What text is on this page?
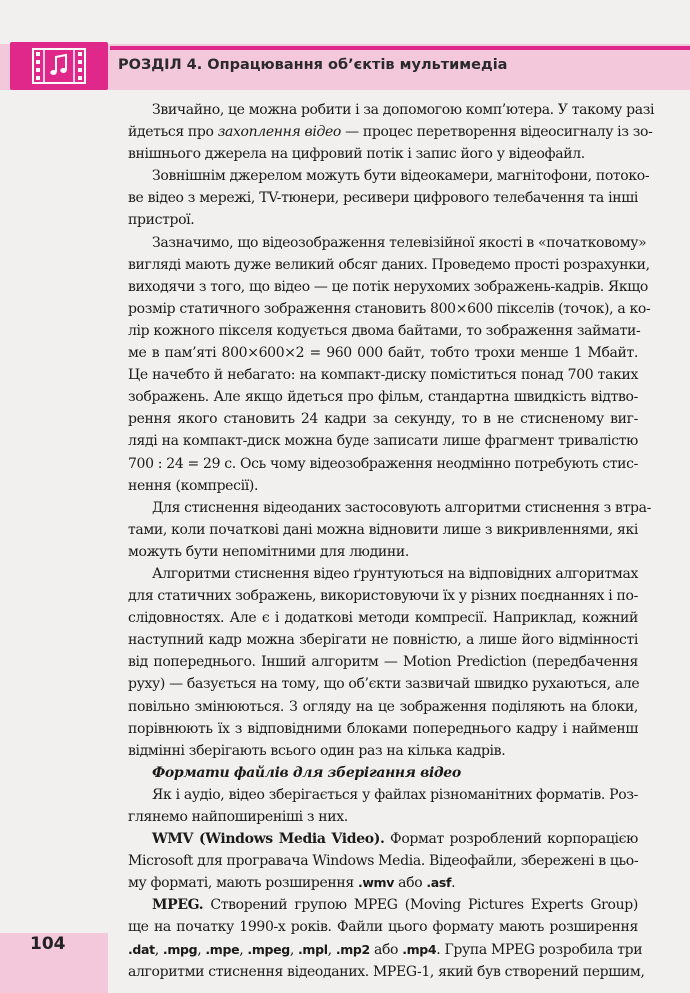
РОЗДІЛ 4. Опрацювання об’єктів мультимедіа
Звичайно, це можна робити і за допомогою комп’ютера. У такому разі
йдеться про захоплення відео — процес перетворення відеосигналу із зо-
внішнього джерела на цифровий потік і запис його у відеофайл.
Зовнішнім джерелом можуть бути відеокамери, магнітофони, потоко-
ве відео з мережі, TV-тюнери, ресивери цифрового телебачення та інші
пристрої.
Зазначимо, що відеозображення телевізійної якості в «початковому»
вигляді мають дуже великий обсяг даних. Проведемо прості розрахунки,
виходячи з того, що відео — це потік нерухомих зображень-кадрів. Якщо
розмір статичного зображення становить 800×600 пікселів (точок), а ко-
лір кожного пікселя кодується двома байтами, то зображення займати-
ме в пам’яті 800×600×2 = 960 000 байт, тобто трохи менше 1 Мбайт.
Це начебто й небагато: на компакт-диску поміститься понад 700 таких
зображень. Але якщо йдеться про фільм, стандартна швидкість відтво-
рення якого становить 24 кадри за секунду, то в не стисненому виг-
ляді на компакт-диск можна буде записати лише фрагмент тривалістю
700 : 24 = 29 с. Ось чому відеозображення неодмінно потребують стис-
нення (компресії).
Для стиснення відеоданих застосовують алгоритми стиснення з втра-
тами, коли початкові дані можна відновити лише з викривленнями, які
можуть бути непомітними для людини.
Алгоритми стиснення відео ґрунтуються на відповідних алгоритмах
для статичних зображень, використовуючи їх у різних поєднаннях і по-
слідовностях. Але є і додаткові методи компресії. Наприклад, кожний
наступний кадр можна зберігати не повністю, а лише його відмінності
від попереднього. Інший алгоритм — Motion Prediction (передбачення
руху) — базується на тому, що об’єкти зазвичай швидко рухаються, але
повільно змінюються. З огляду на це зображення поділяють на блоки,
порівнюють їх з відповідними блоками попереднього кадру і найменш
відмінні зберігають всього один раз на кілька кадрів.
Формати файлів для зберігання відео
Як і аудіо, відео зберігається у файлах різноманітних форматів. Роз-
глянемо найпоширеніші з них.
WMV (Windows Media Video). Формат розроблений корпорацією
Microsoft для програвача Windows Media. Відеофайли, збережені в цьо-
му форматі, мають розширення .wmv або .asf.
MPEG. Створений групою MPEG (Moving Pictures Experts Group)
ще на початку 1990-х років. Файли цього формату мають розширення
.dat, .mpg, .mpe, .mpeg, .mpl, .mp2 або .mp4. Група MPEG розробила три
алгоритми стиснення відеоданих. MPEG-1, який був створений першим,
104
